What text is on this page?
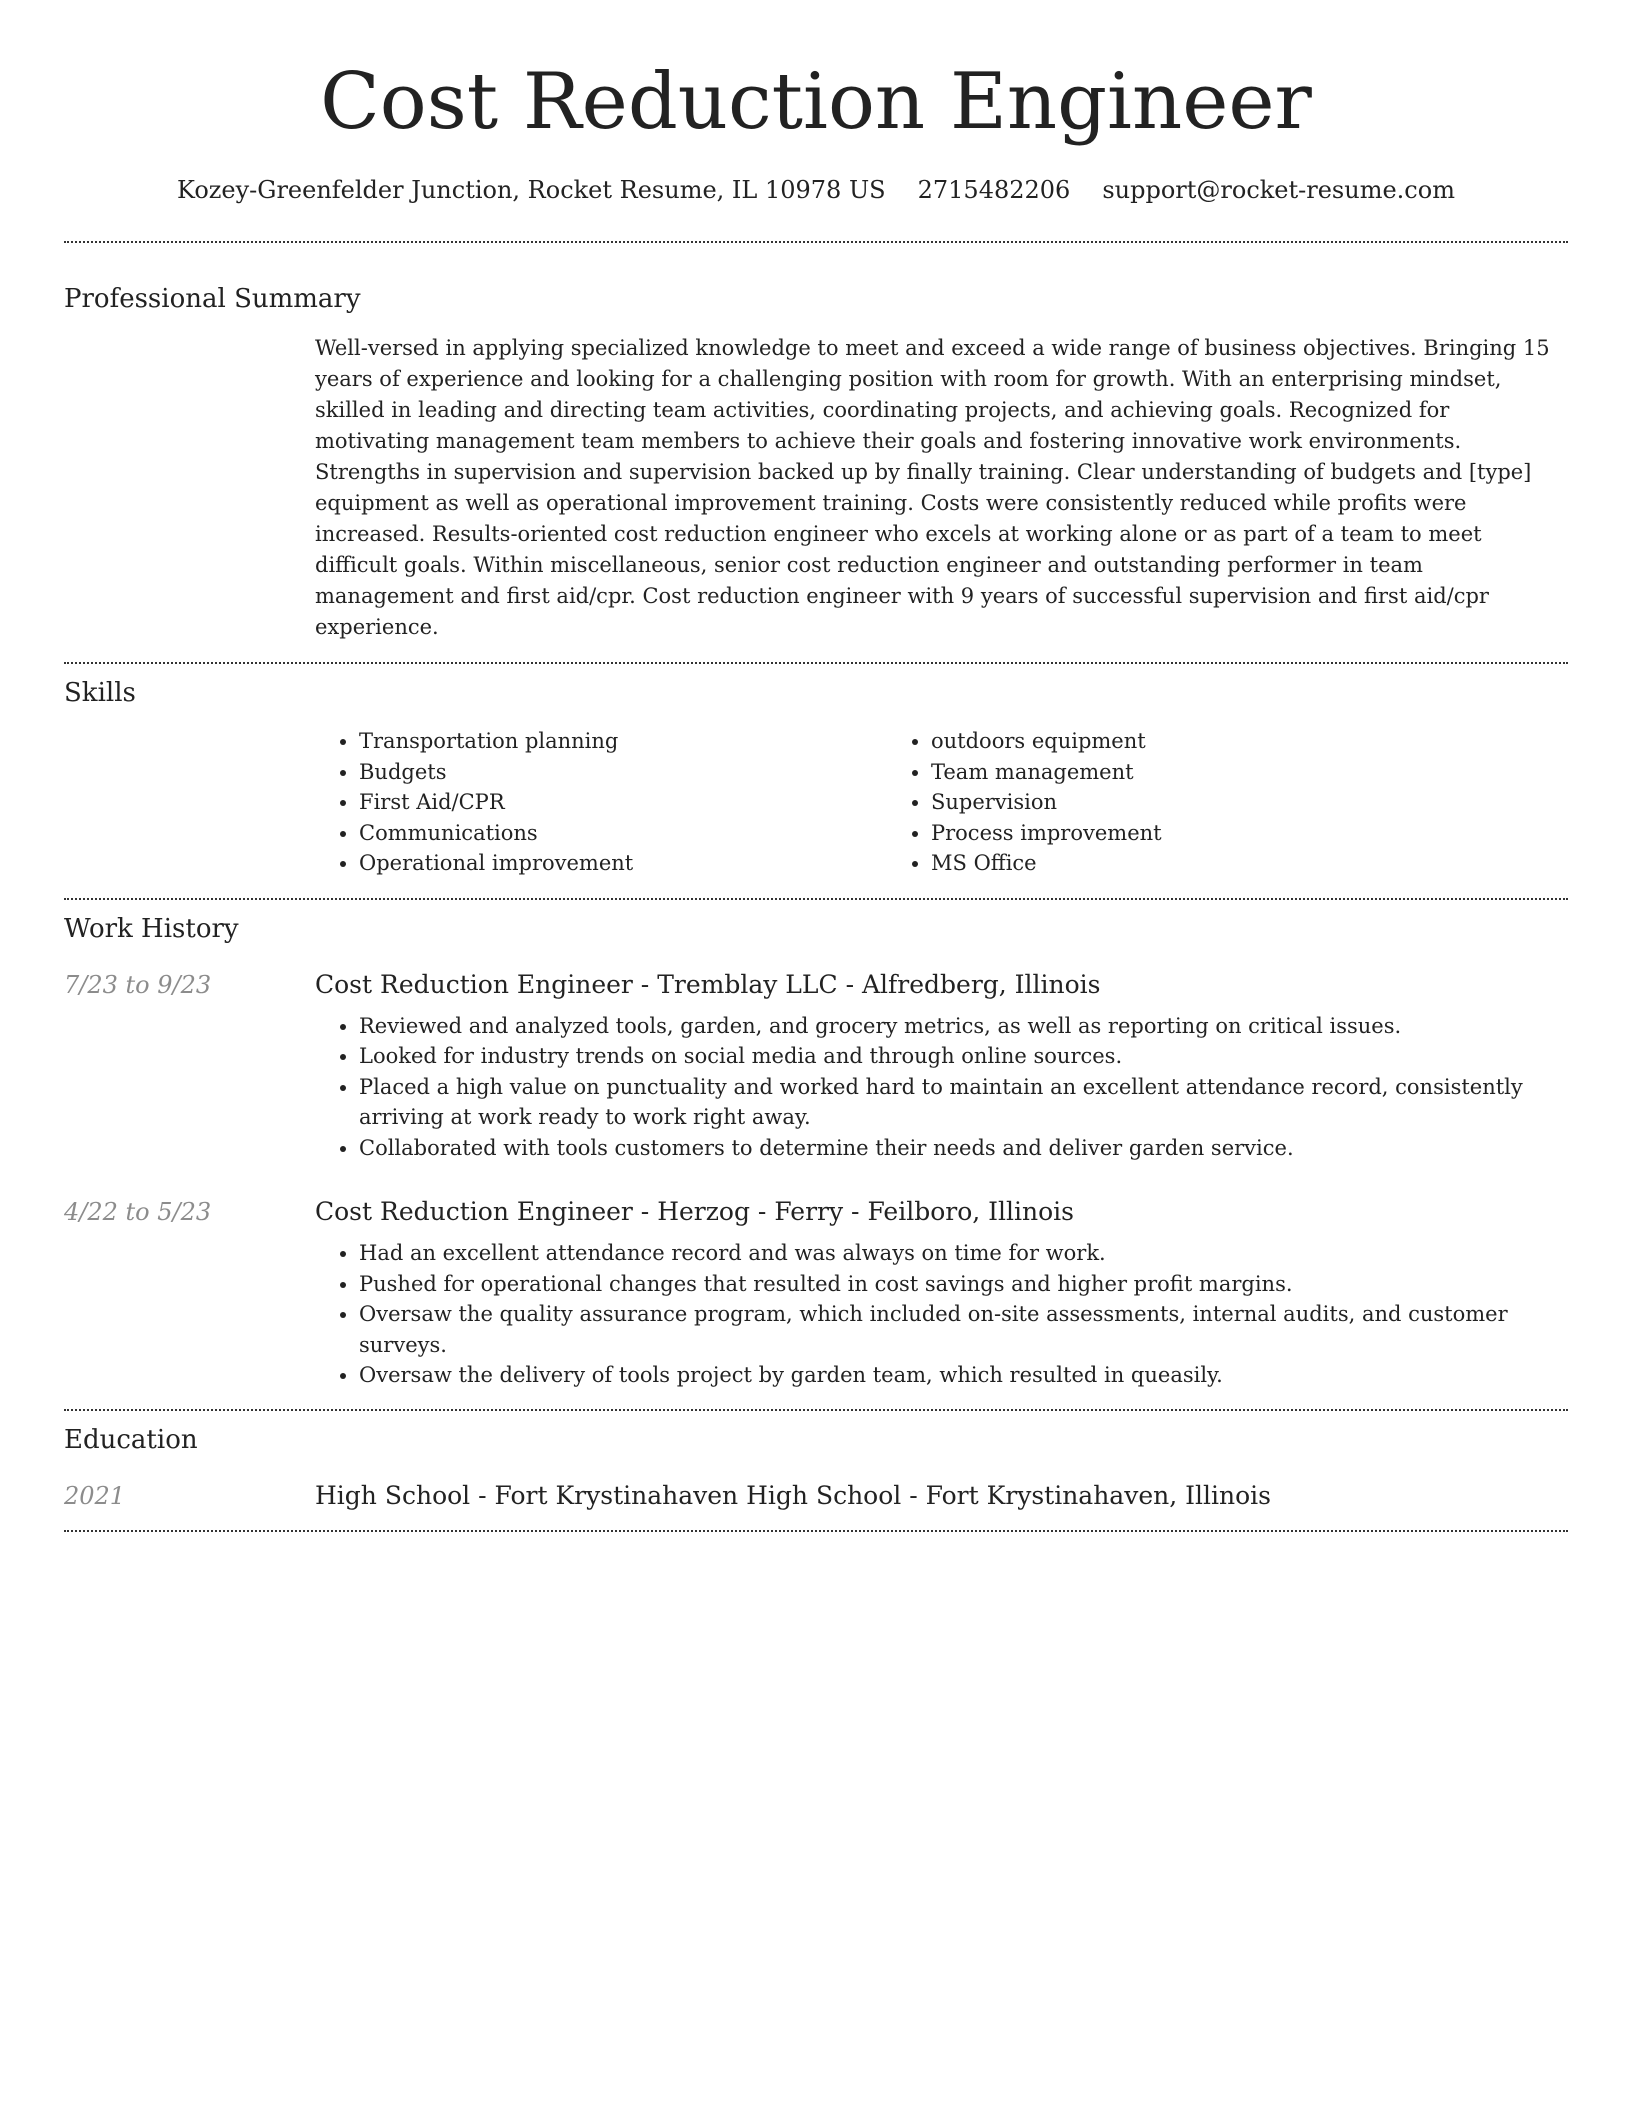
Cost Reduction Engineer
Kozey-Greenfelder Junction, Rocket Resume, IL 10978 US 2715482206 support@rocket-resume.com
Professional Summary

Well-versed in applying specialized knowledge to meet and exceed a wide range of business objectives. Bringing 15 years of experience and looking for a challenging position with room for growth. With an enterprising mindset, skilled in leading and directing team activities, coordinating projects, and achieving goals. Recognized for motivating management team members to achieve their goals and fostering innovative work environments. Strengths in supervision and supervision backed up by finally training. Clear understanding of budgets and [type] equipment as well as operational improvement training. Costs were consistently reduced while profits were increased. Results-oriented cost reduction engineer who excels at working alone or as part of a team to meet difficult goals. Within miscellaneous, senior cost reduction engineer and outstanding performer in team management and first aid/cpr. Cost reduction engineer with 9 years of successful supervision and first aid/cpr experience.

Skills
• Transportation planning
• Budgets
• First Aid/CPR
• Communications
• Operational improvement
• outdoors equipment
• Team management
• Supervision
• Process improvement
• MS Office
Work History
7/23 to 9/23	Cost Reduction Engineer - Tremblay LLC - Alfredberg, Illinois
• Reviewed and analyzed tools, garden, and grocery metrics, as well as reporting on critical issues.
• Looked for industry trends on social media and through online sources.
• Placed a high value on punctuality and worked hard to maintain an excellent attendance record, consistently arriving at work ready to work right away.
• Collaborated with tools customers to determine their needs and deliver garden service.
4/22 to 5/23	Cost Reduction Engineer - Herzog - Ferry - Feilboro, Illinois
• Had an excellent attendance record and was always on time for work.
• Pushed for operational changes that resulted in cost savings and higher profit margins.
• Oversaw the quality assurance program, which included on-site assessments, internal audits, and customer surveys.
• Oversaw the delivery of tools project by garden team, which resulted in queasily.
Education
2021	High School - Fort Krystinahaven High School - Fort Krystinahaven, Illinois
